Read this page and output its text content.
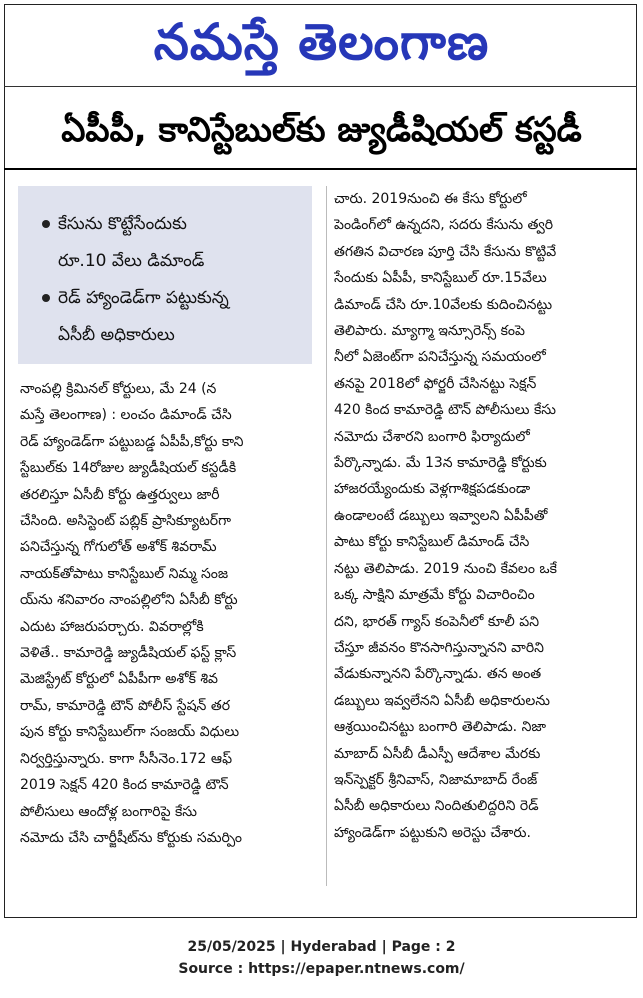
నమస్తే తెలంగాణ
ఏపీపీ, కానిస్టేబుల్‌కు జ్యుడీషియల్ కస్టడీ
కేసును కొట్టేసేందుకు
రూ.10 వేలు డిమాండ్
రెడ్ హ్యాండెడ్‌గా పట్టుకున్న
ఏసీబీ అధికారులు
నాంపల్లి క్రిమినల్ కోర్టులు, మే 24 (న
మస్తే తెలంగాణ) : లంచం డిమాండ్ చేసి
రెడ్ హ్యాండెడ్‌గా పట్టుబడ్డ ఏపీపీ,కోర్టు కాని
స్టేబుల్‌కు 14రోజుల జ్యుడీషియల్ కస్టడీకి
తరలిస్తూ ఏసీబీ కోర్టు ఉత్తర్వులు జారీ
చేసింది. అసిస్టెంట్ పబ్లిక్ ప్రాసిక్యూటర్‌గా
పనిచేస్తున్న గోగులోత్ అశోక్ శివరామ్
నాయక్‌తోపాటు కానిస్టేబుల్ నిమ్మ సంజ
య్‌ను శనివారం నాంపల్లిలోని ఏసీబీ కోర్టు
ఎదుట హాజరుపర్చారు. వివరాల్లోకి
వెళితే.. కామారెడ్డి జ్యుడీషియల్ ఫస్ట్ క్లాస్
మెజిస్ట్రేట్ కోర్టులో ఏపీపీగా అశోక్ శివ
రామ్, కామారెడ్డి టౌన్ పోలీస్ స్టేషన్ తర
పున కోర్టు కానిస్టేబుల్‌గా సంజయ్ విధులు
నిర్వర్తిస్తున్నారు. కాగా సీసీనెం.172 ఆఫ్
2019 సెక్షన్ 420 కింద కామారెడ్డి టౌన్
పోలీసులు ఆందోళ్ల బంగారిపై కేసు
నమోదు చేసి చార్జీషీట్‌ను కోర్టుకు సమర్పిం
చారు. 2019నుంచి ఈ కేసు కోర్టులో
పెండింగ్‌లో ఉన్నదని, సదరు కేసును త్వరి
తగతిన విచారణ పూర్తి చేసి కేసును కొట్టివే
సేందుకు ఏపీపీ, కానిస్టేబుల్ రూ.15వేలు
డిమాండ్ చేసి రూ.10వేలకు కుదించినట్టు
తెలిపారు. మ్యాగ్మా ఇన్సూరెన్స్ కంపె
నీలో ఏజెంట్‌గా పనిచేస్తున్న సమయంలో
తనపై 2018లో ఫోర్జరీ చేసినట్టు సెక్షన్
420 కింద కామారెడ్డి టౌన్ పోలీసులు కేసు
నమోదు చేశారని బంగారి ఫిర్యాదులో
పేర్కొన్నాడు. మే 13న కామారెడ్డి కోర్టుకు
హాజరయ్యేందుకు వెళ్లగాశిక్షపడకుండా
ఉండాలంటే డబ్బులు ఇవ్వాలని ఏపీపీతో
పాటు కోర్టు కానిస్టేబుల్ డిమాండ్ చేసి
నట్టు తెలిపాడు. 2019 నుంచి కేవలం ఒకే
ఒక్క సాక్షిని మాత్రమే కోర్టు విచారించిం
దని, భారత్ గ్యాస్ కంపెనీలో కూలీ పని
చేస్తూ జీవనం కొనసాగిస్తున్నానని వారిని
వేడుకున్నానని పేర్కొన్నాడు. తన అంత
డబ్బులు ఇవ్వలేనని ఏసీబీ అధికారులను
ఆశ్రయించినట్టు బంగారి తెలిపాడు. నిజా
మాబాద్ ఏసీబీ డీఎస్పీ ఆదేశాల మేరకు
ఇన్‌స్పెక్టర్ శ్రీనివాస్, నిజామాబాద్ రేంజ్
ఏసీబీ అధికారులు నిందితులిద్దరిని రెడ్
హ్యాండెడ్‌గా పట్టుకుని అరెస్టు చేశారు.
25/05/2025 | Hyderabad | Page : 2
Source : https://epaper.ntnews.com/
